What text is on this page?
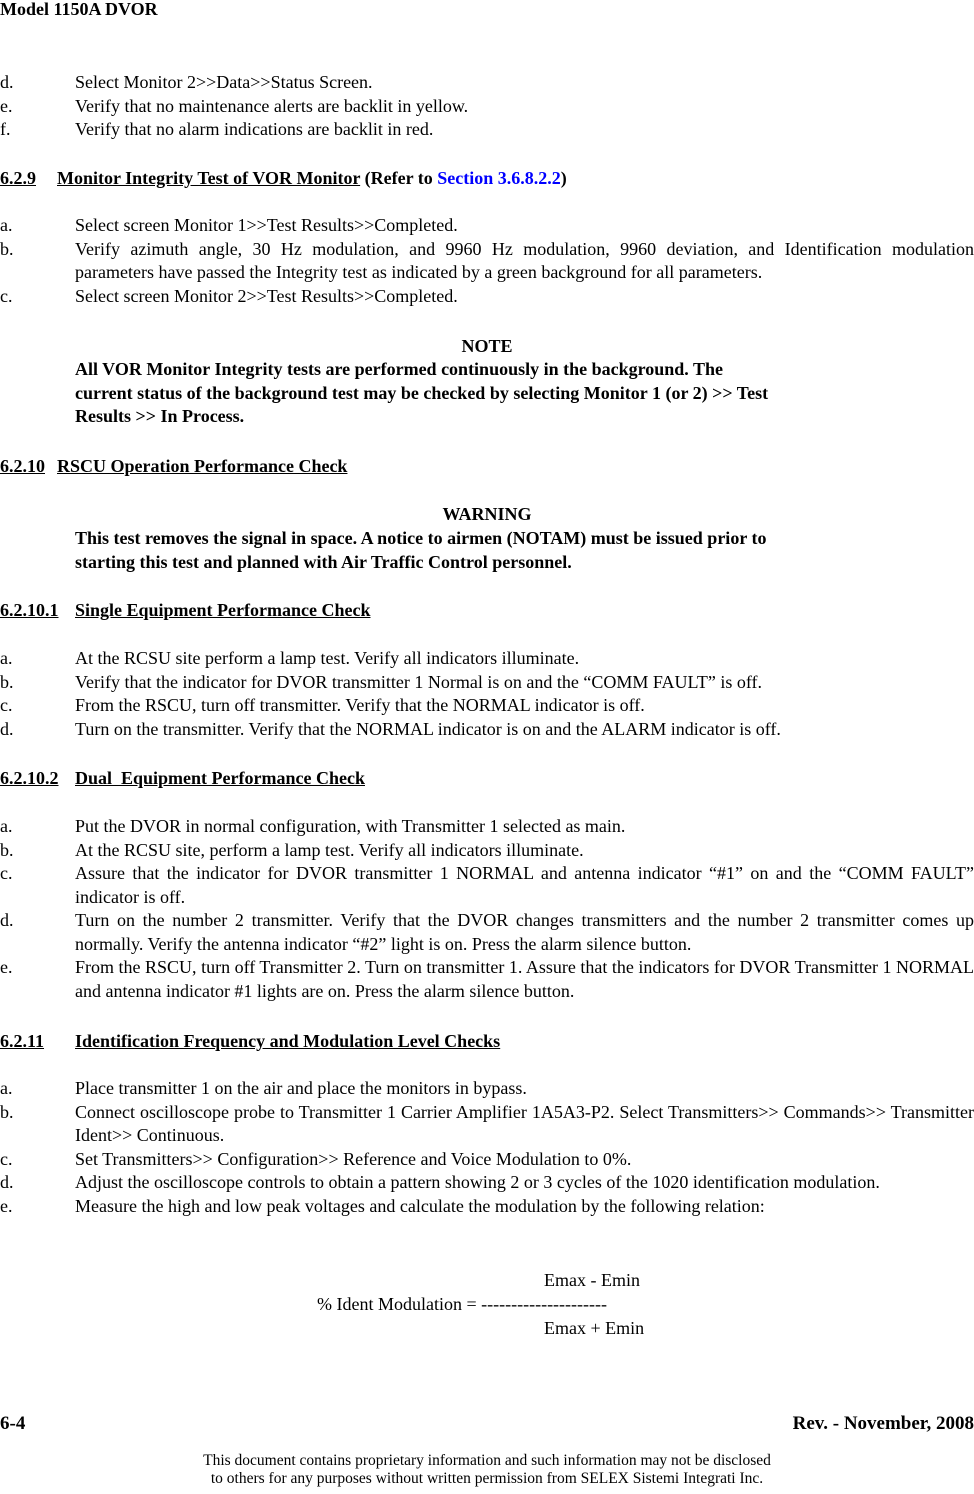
Model 1150A DVOR
d.	Select Monitor 2>>Data>>Status Screen.
e.	Verify that no maintenance alerts are backlit in yellow.
f.	Verify that no alarm indications are backlit in red.
6.2.9	Monitor Integrity Test of VOR Monitor (Refer to Section 3.6.8.2.2)
a.	Select screen Monitor 1>>Test Results>>Completed.
b.	Verify azimuth angle, 30 Hz modulation, and 9960 Hz modulation, 9960 deviation, and Identification modulation parameters have passed the Integrity test as indicated by a green background for all parameters.
c.	Select screen Monitor 2>>Test Results>>Completed.
NOTE
All VOR Monitor Integrity tests are performed continuously in the background. The
current status of the background test may be checked by selecting Monitor 1 (or 2) >> Test
Results >> In Process.
6.2.10 RSCU Operation Performance Check
WARNING
This test removes the signal in space. A notice to airmen (NOTAM) must be issued prior to
starting this test and planned with Air Traffic Control personnel.
6.2.10.1 Single Equipment Performance Check
a.	At the RCSU site perform a lamp test. Verify all indicators illuminate.
b.	Verify that the indicator for DVOR transmitter 1 Normal is on and the “COMM FAULT” is off.
c.	From the RSCU, turn off transmitter. Verify that the NORMAL indicator is off.
d.	Turn on the transmitter. Verify that the NORMAL indicator is on and the ALARM indicator is off.
6.2.10.2 Dual  Equipment Performance Check
a.	Put the DVOR in normal configuration, with Transmitter 1 selected as main.
b.	At the RCSU site, perform a lamp test. Verify all indicators illuminate.
c.	Assure that the indicator for DVOR transmitter 1 NORMAL and antenna indicator “#1” on and the “COMM FAULT” indicator is off.
d.	Turn on the number 2 transmitter. Verify that the DVOR changes transmitters and the number 2 transmitter comes up normally. Verify the antenna indicator “#2” light is on. Press the alarm silence button.
e.	From the RSCU, turn off Transmitter 2. Turn on transmitter 1. Assure that the indicators for DVOR Transmitter 1 NORMAL and antenna indicator #1 lights are on. Press the alarm silence button.
6.2.11	Identification Frequency and Modulation Level Checks
a.	Place transmitter 1 on the air and place the monitors in bypass.
b.	Connect oscilloscope probe to Transmitter 1 Carrier Amplifier 1A5A3-P2. Select Transmitters>> Commands>> Transmitter Ident>> Continuous.
c.	Set Transmitters>> Configuration>> Reference and Voice Modulation to 0%.
d.	Adjust the oscilloscope controls to obtain a pattern showing 2 or 3 cycles of the 1020 identification modulation.
e.	Measure the high and low peak voltages and calculate the modulation by the following relation:
Emax - Emin
% Ident Modulation = ---------------------
Emax + Emin
6-4	Rev. - November, 2008
This document contains proprietary information and such information may not be disclosed
to others for any purposes without written permission from SELEX Sistemi Integrati Inc.
